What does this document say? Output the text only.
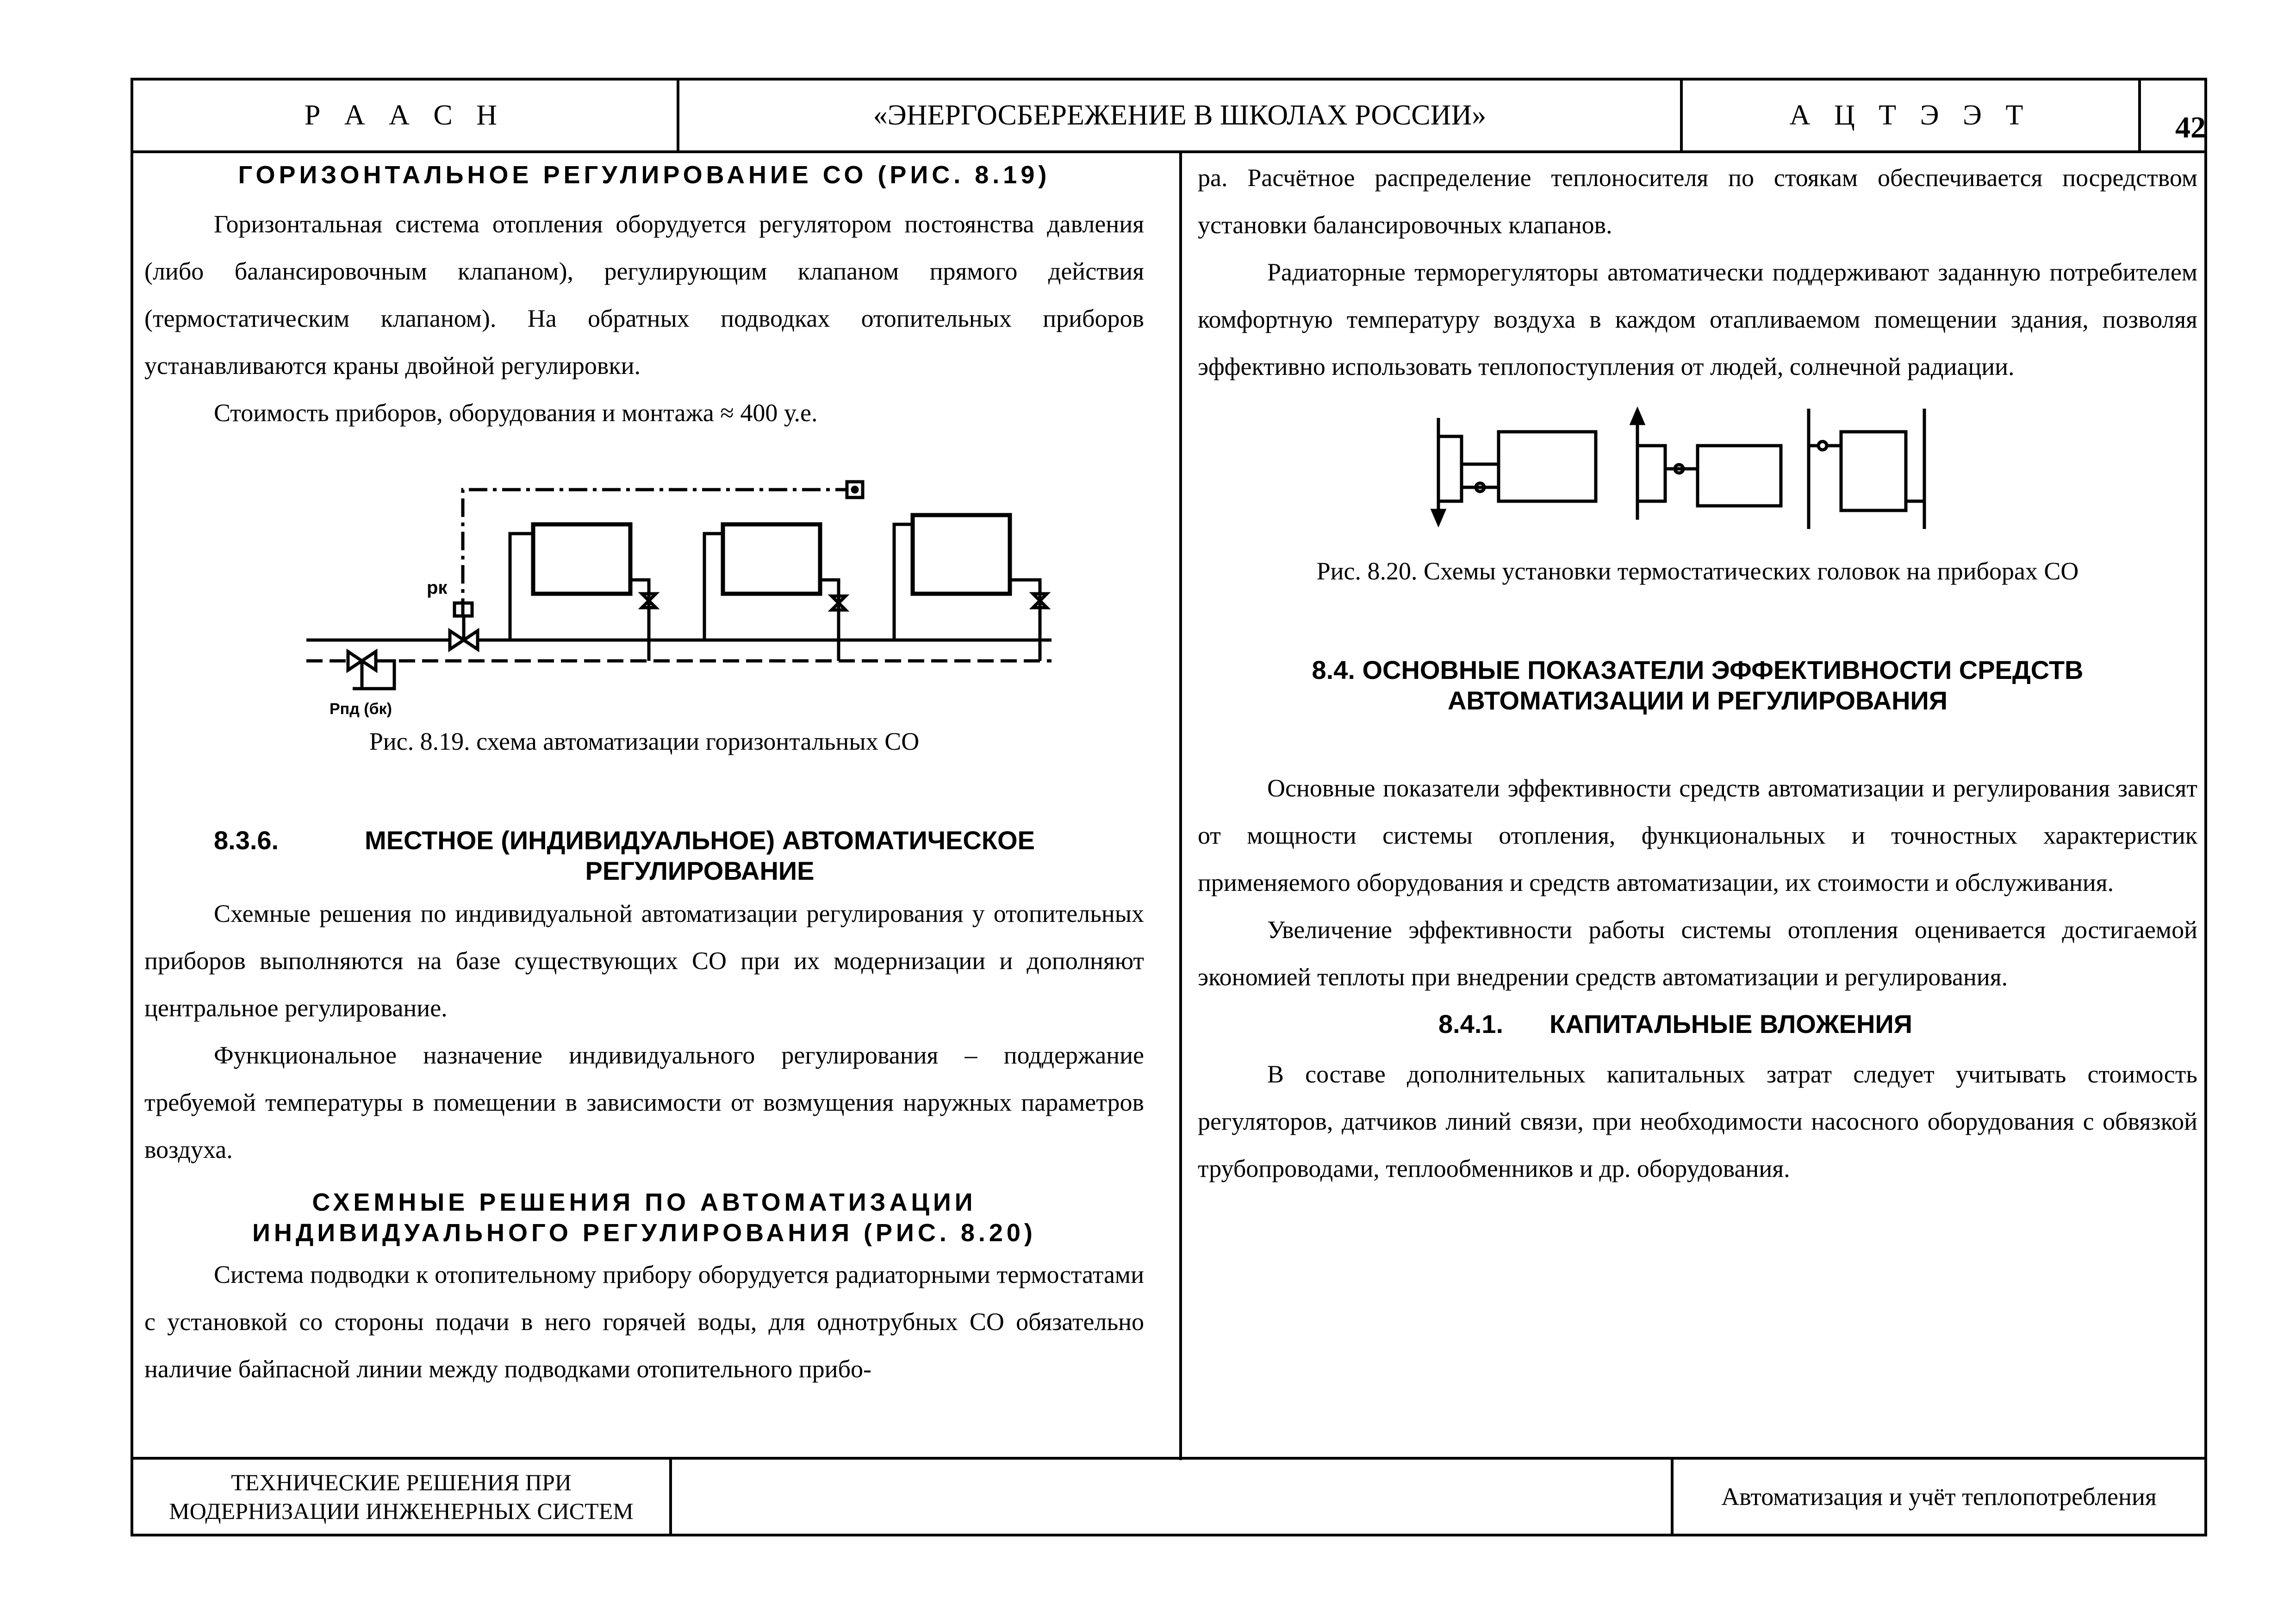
Р А А С Н	«ЭНЕРГОСБЕРЕЖЕНИЕ В ШКОЛАХ РОССИИ»	А Ц Т Э Э Т	42
ТЕХНИЧЕСКИЕ РЕШЕНИЯ ПРИ
МОДЕРНИЗАЦИИ ИНЖЕНЕРНЫХ СИСТЕМ
Автоматизация и учёт теплопотребления

ГОРИЗОНТАЛЬНОЕ РЕГУЛИРОВАНИЕ СО (РИС. 8.19)

Горизонтальная система отопления оборудуется регулятором постоянства давления (либо балансировочным клапаном), регулирующим клапаном прямого действия (термостатическим клапаном). На обратных подводках отопительных приборов устанавливаются краны двойной регулировки.

Стоимость приборов, оборудования и монтажа ≈ 400 у.е.

рк
Рпд (бк)

Рис. 8.19. схема автоматизации горизонтальных СО

8.3.6.	МЕСТНОЕ (ИНДИВИДУАЛЬНОЕ) АВТОМАТИЧЕСКОЕ

РЕГУЛИРОВАНИЕ

Схемные решения по индивидуальной автоматизации регулирования у отопительных приборов выполняются на базе существующих СО при их модернизации и дополняют центральное регулирование.

Функциональное назначение индивидуального регулирования – поддержание требуемой температуры в помещении в зависимости от возмущения наружных параметров воздуха.

СХЕМНЫЕ РЕШЕНИЯ ПО АВТОМАТИЗАЦИИ

ИНДИВИДУАЛЬНОГО РЕГУЛИРОВАНИЯ (РИС. 8.20)

Система подводки к отопительному прибору оборудуется радиаторными термостатами с установкой со стороны подачи в него горячей воды, для однотрубных СО обязательно наличие байпасной линии между подводками отопительного прибо-

ра. Расчётное распределение теплоносителя по стоякам обеспечивается посредством установки балансировочных клапанов.

Радиаторные терморегуляторы автоматически поддерживают заданную потребителем комфортную температуру воздуха в каждом отапливаемом помещении здания, позволяя эффективно использовать теплопоступления от людей, солнечной радиации.

Рис. 8.20. Схемы установки термостатических головок на приборах СО

8.4. ОСНОВНЫЕ ПОКАЗАТЕЛИ ЭФФЕКТИВНОСТИ СРЕДСТВ

АВТОМАТИЗАЦИИ И РЕГУЛИРОВАНИЯ

Основные показатели эффективности средств автоматизации и регулирования зависят от мощности системы отопления, функциональных и точностных характеристик применяемого оборудования и средств автоматизации, их стоимости и обслуживания.

Увеличение эффективности работы системы отопления оценивается достигаемой экономией теплоты при внедрении средств автоматизации и регулирования.

8.4.1. КАПИТАЛЬНЫЕ ВЛОЖЕНИЯ

В составе дополнительных капитальных затрат следует учитывать стоимость регуляторов, датчиков линий связи, при необходимости насосного оборудования с обвязкой трубопроводами, теплообменников и др. оборудования.
